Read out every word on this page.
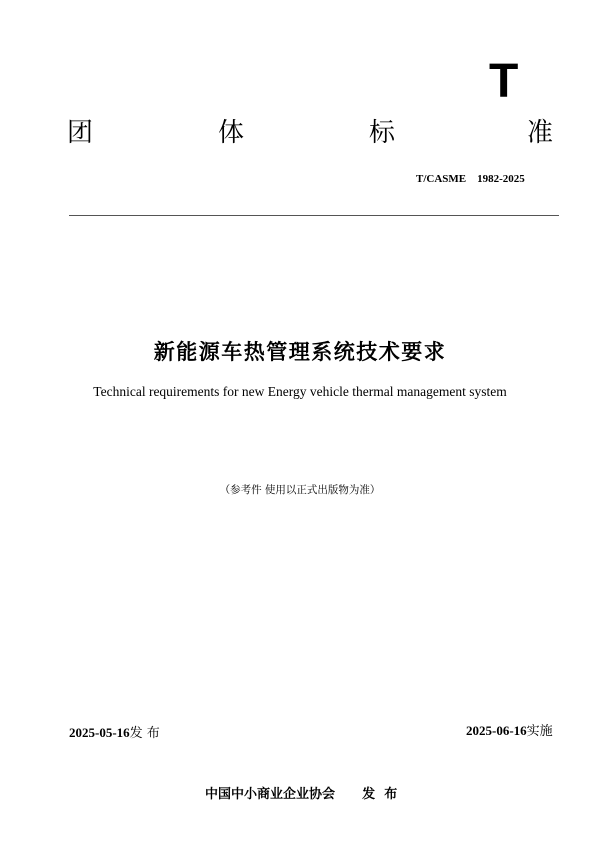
T
团	体	标	准
T/CASME    1982-2025
新能源车热管理系统技术要求
Technical requirements for new Energy vehicle thermal management system
（参考件 使用以正式出版物为准）
2025-05-16发 布	2025-06-16实施
中国中小商业企业协会      发  布
